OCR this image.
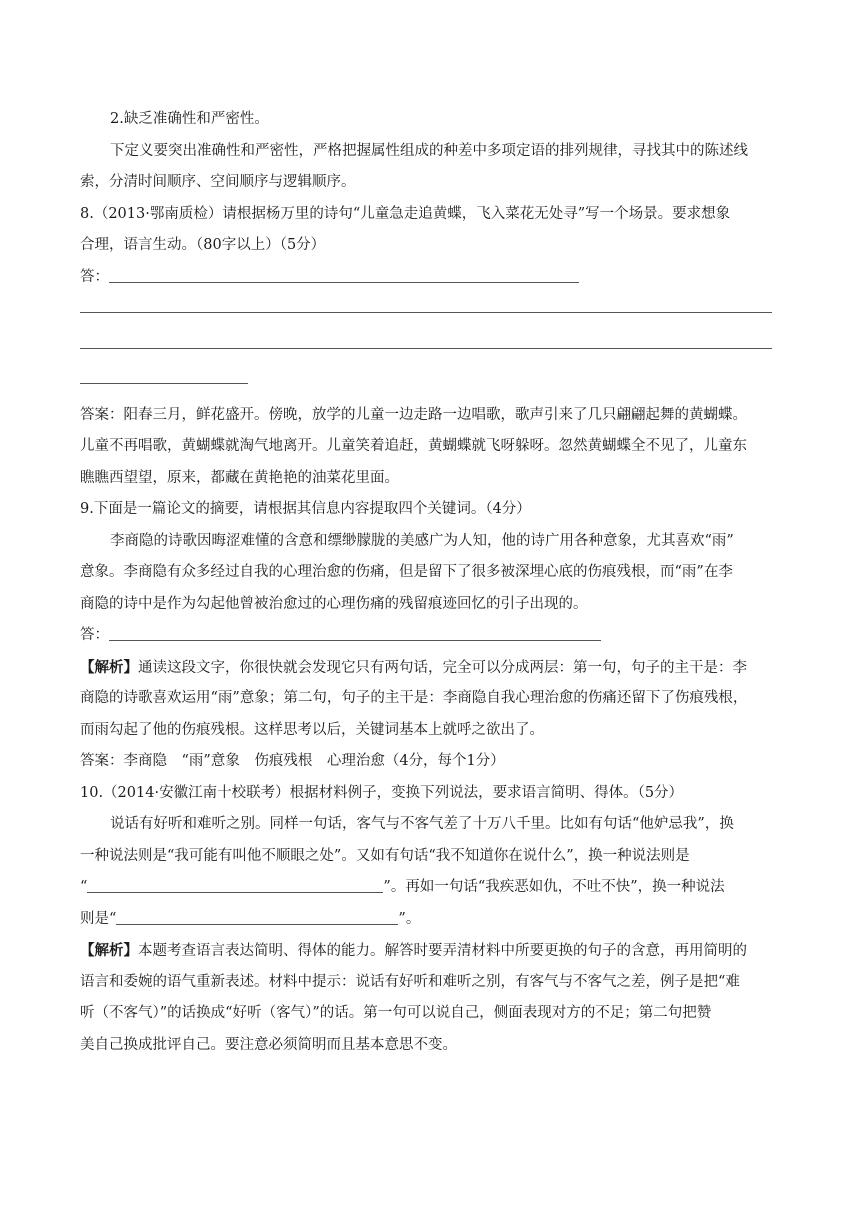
2.缺乏准确性和严密性。
下定义要突出准确性和严密性，严格把握属性组成的种差中多项定语的排列规律，寻找其中的陈述线
索，分清时间顺序、空间顺序与逻辑顺序。
8.（2013·鄂南质检）请根据杨万里的诗句“儿童急走追黄蝶，飞入菜花无处寻”写一个场景。要求想象
合理，语言生动。（80字以上）（5分）
答：
答案：阳春三月，鲜花盛开。傍晚，放学的儿童一边走路一边唱歌，歌声引来了几只翩翩起舞的黄蝴蝶。
儿童不再唱歌，黄蝴蝶就淘气地离开。儿童笑着追赶，黄蝴蝶就飞呀躲呀。忽然黄蝴蝶全不见了，儿童东
瞧瞧西望望，原来，都藏在黄艳艳的油菜花里面。
9.下面是一篇论文的摘要，请根据其信息内容提取四个关键词。（4分）
李商隐的诗歌因晦涩难懂的含意和缥缈朦胧的美感广为人知，他的诗广用各种意象，尤其喜欢“雨”
意象。李商隐有众多经过自我的心理治愈的伤痛，但是留下了很多被深埋心底的伤痕残根，而“雨”在李
商隐的诗中是作为勾起他曾被治愈过的心理伤痛的残留痕迹回忆的引子出现的。
答：
【解析】通读这段文字，你很快就会发现它只有两句话，完全可以分成两层：第一句，句子的主干是：李
商隐的诗歌喜欢运用“雨”意象；第二句，句子的主干是：李商隐自我心理治愈的伤痛还留下了伤痕残根，
而雨勾起了他的伤痕残根。这样思考以后，关键词基本上就呼之欲出了。
答案：李商隐　“雨”意象　伤痕残根　心理治愈（4分，每个1分）
10.（2014·安徽江南十校联考）根据材料例子，变换下列说法，要求语言简明、得体。（5分）
说话有好听和难听之别。同样一句话，客气与不客气差了十万八千里。比如有句话“他妒忌我”，换
一种说法则是“我可能有叫他不顺眼之处”。又如有句话“我不知道你在说什么”，换一种说法则是
“	”。再如一句话“我疾恶如仇，不吐不快”，换一种说法
则是“	”。
【解析】本题考查语言表达简明、得体的能力。解答时要弄清材料中所要更换的句子的含意，再用简明的
语言和委婉的语气重新表述。材料中提示：说话有好听和难听之别，有客气与不客气之差，例子是把“难
听（不客气）”的话换成“好听（客气）”的话。第一句可以说自己，侧面表现对方的不足；第二句把赞
美自己换成批评自己。要注意必须简明而且基本意思不变。
